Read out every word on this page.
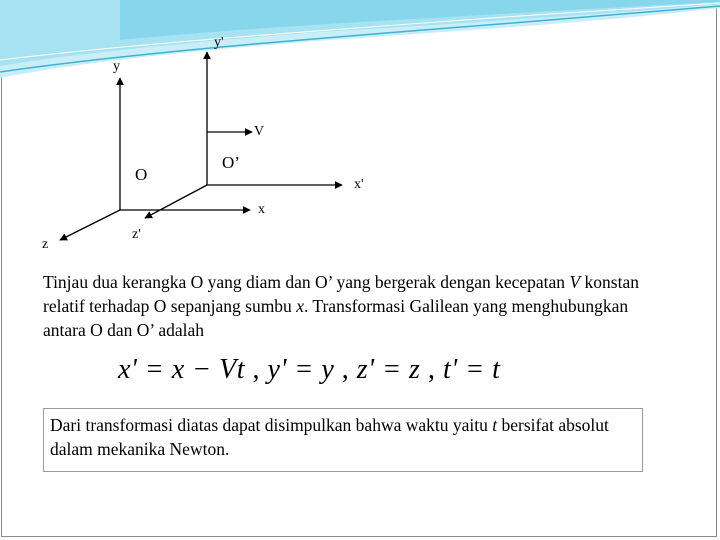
y'
y
V
O
O’
x'
x
z'
z
Tinjau dua kerangka O yang diam dan O’ yang bergerak dengan kecepatan V konstan relatif terhadap O sepanjang sumbu x. Transformasi Galilean yang menghubungkan antara O dan O’ adalah
x' = x − Vt , y' = y , z' = z , t' = t
Dari transformasi diatas dapat disimpulkan bahwa waktu yaitu t bersifat absolut dalam mekanika Newton.
